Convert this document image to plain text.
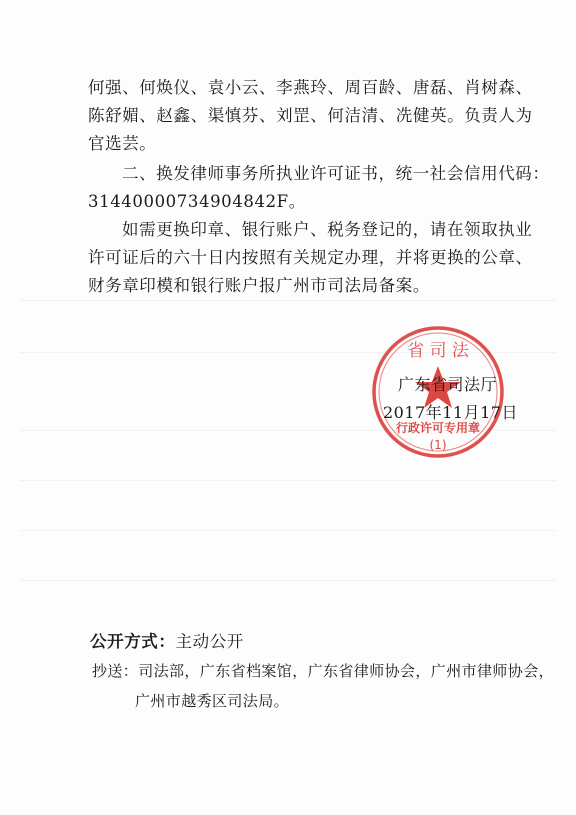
何强、何焕仪、袁小云、李燕玲、周百龄、唐磊、肖树森、
陈舒媚、赵鑫、渠慎芬、刘罡、何洁清、冼健英。负责人为
官选芸。
二、换发律师事务所执业许可证书，统一社会信用代码：
31440000734904842F。
如需更换印章、银行账户、税务登记的，请在领取执业
许可证后的六十日内按照有关规定办理，并将更换的公章、
财务章印模和银行账户报广州市司法局备案。
省 司 法
行政许可专用章
(1)
广东省司法厅
2017年11月17日
公开方式：主动公开
抄送：司法部，广东省档案馆，广东省律师协会，广州市律师协会，
广州市越秀区司法局。
